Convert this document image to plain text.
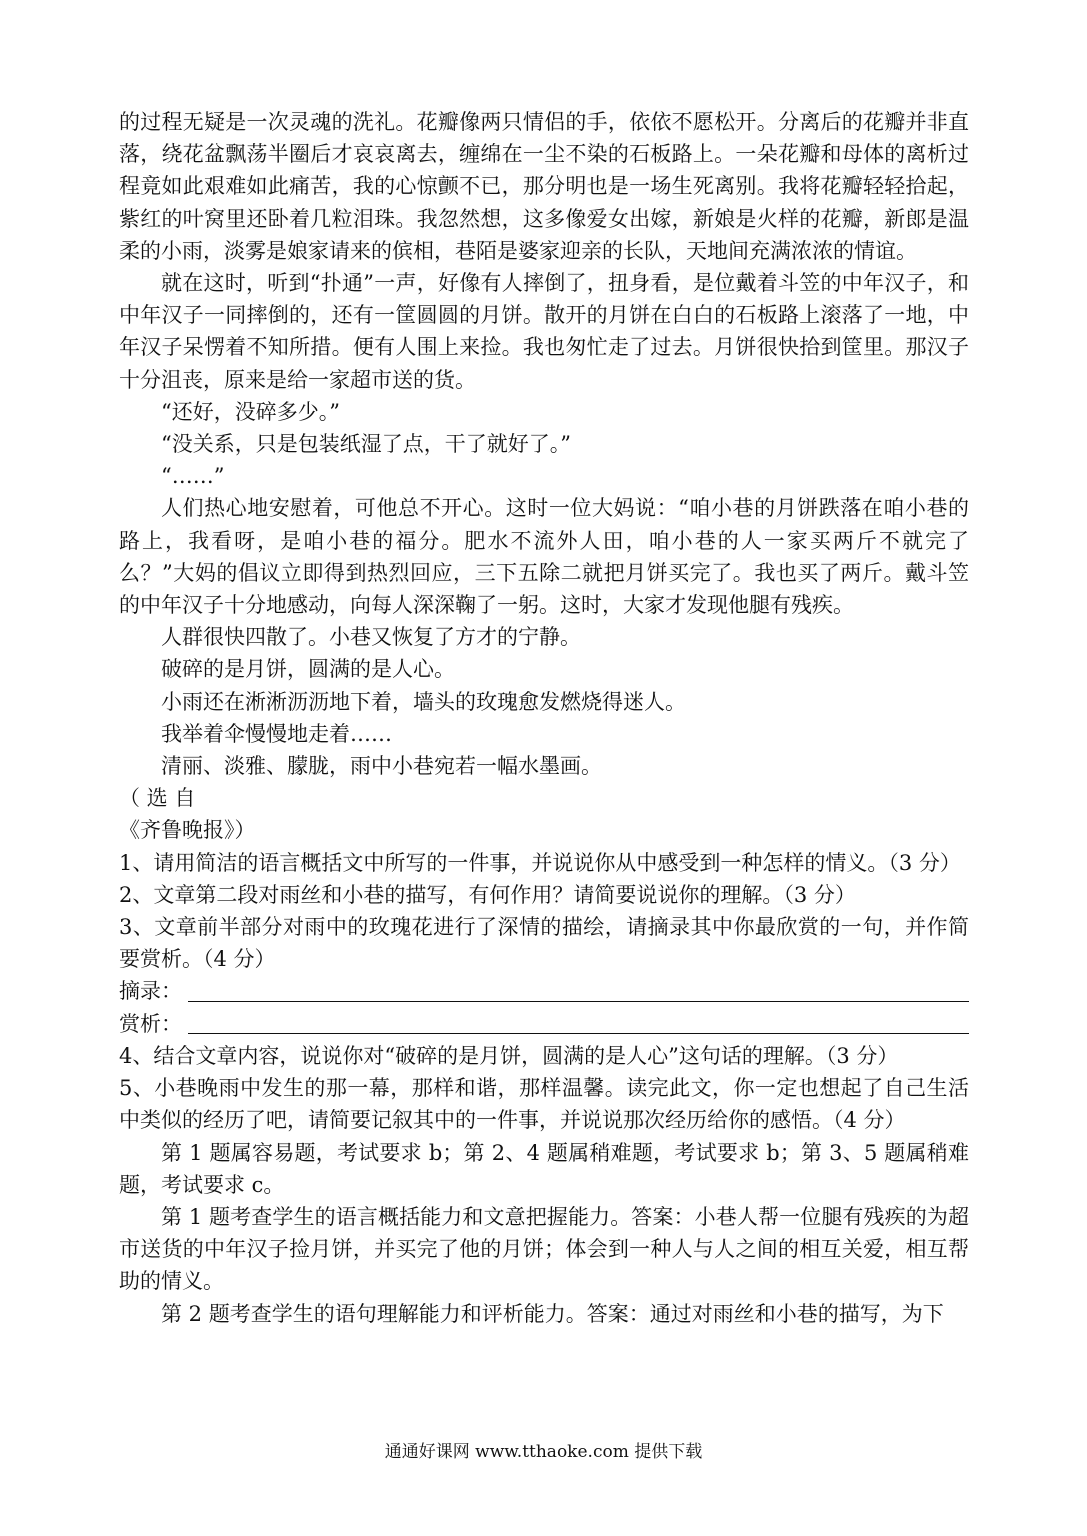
的过程无疑是一次灵魂的洗礼。花瓣像两只情侣的手，依依不愿松开。分离后的花瓣并非直落，绕花盆飘荡半圈后才哀哀离去，缠绵在一尘不染的石板路上。一朵花瓣和母体的离析过程竟如此艰难如此痛苦，我的心惊颤不已，那分明也是一场生死离别。我将花瓣轻轻拾起，紫红的叶窝里还卧着几粒泪珠。我忽然想，这多像爱女出嫁，新娘是火样的花瓣，新郎是温柔的小雨，淡雾是娘家请来的傧相，巷陌是婆家迎亲的长队，天地间充满浓浓的情谊。

就在这时，听到“扑通”一声，好像有人摔倒了，扭身看，是位戴着斗笠的中年汉子，和中年汉子一同摔倒的，还有一筐圆圆的月饼。散开的月饼在白白的石板路上滚落了一地，中年汉子呆愣着不知所措。便有人围上来捡。我也匆忙走了过去。月饼很快拾到筐里。那汉子十分沮丧，原来是给一家超市送的货。

“还好，没碎多少。”

“没关系，只是包装纸湿了点，干了就好了。”

“……”

人们热心地安慰着，可他总不开心。这时一位大妈说：“咱小巷的月饼跌落在咱小巷的路上，我看呀，是咱小巷的福分。肥水不流外人田，咱小巷的人一家买两斤不就完了么？”大妈的倡议立即得到热烈回应，三下五除二就把月饼买完了。我也买了两斤。戴斗笠的中年汉子十分地感动，向每人深深鞠了一躬。这时，大家才发现他腿有残疾。

人群很快四散了。小巷又恢复了方才的宁静。

破碎的是月饼，圆满的是人心。

小雨还在淅淅沥沥地下着，墙头的玫瑰愈发燃烧得迷人。

我举着伞慢慢地走着……

清丽、淡雅、朦胧，雨中小巷宛若一幅水墨画。

（ 选 自

《齐鲁晚报》）

1、请用简洁的语言概括文中所写的一件事，并说说你从中感受到一种怎样的情义。（3 分）

2、文章第二段对雨丝和小巷的描写，有何作用？请简要说说你的理解。（3 分）

3、文章前半部分对雨中的玫瑰花进行了深情的描绘，请摘录其中你最欣赏的一句，并作简要赏析。（4 分）

摘录：
赏析：

4、结合文章内容，说说你对“破碎的是月饼，圆满的是人心”这句话的理解。（3 分）

5、小巷晚雨中发生的那一幕，那样和谐，那样温馨。读完此文，你一定也想起了自己生活中类似的经历了吧，请简要记叙其中的一件事，并说说那次经历给你的感悟。（4 分）

第 1 题属容易题，考试要求 b；第 2、4 题属稍难题，考试要求 b；第 3、5 题属稍难题，考试要求 c。

第 1 题考查学生的语言概括能力和文意把握能力。答案：小巷人帮一位腿有残疾的为超市送货的中年汉子捡月饼，并买完了他的月饼；体会到一种人与人之间的相互关爱，相互帮助的情义。

第 2 题考查学生的语句理解能力和评析能力。答案：通过对雨丝和小巷的描写，为下

通通好课网 www.tthaoke.com 提供下载
